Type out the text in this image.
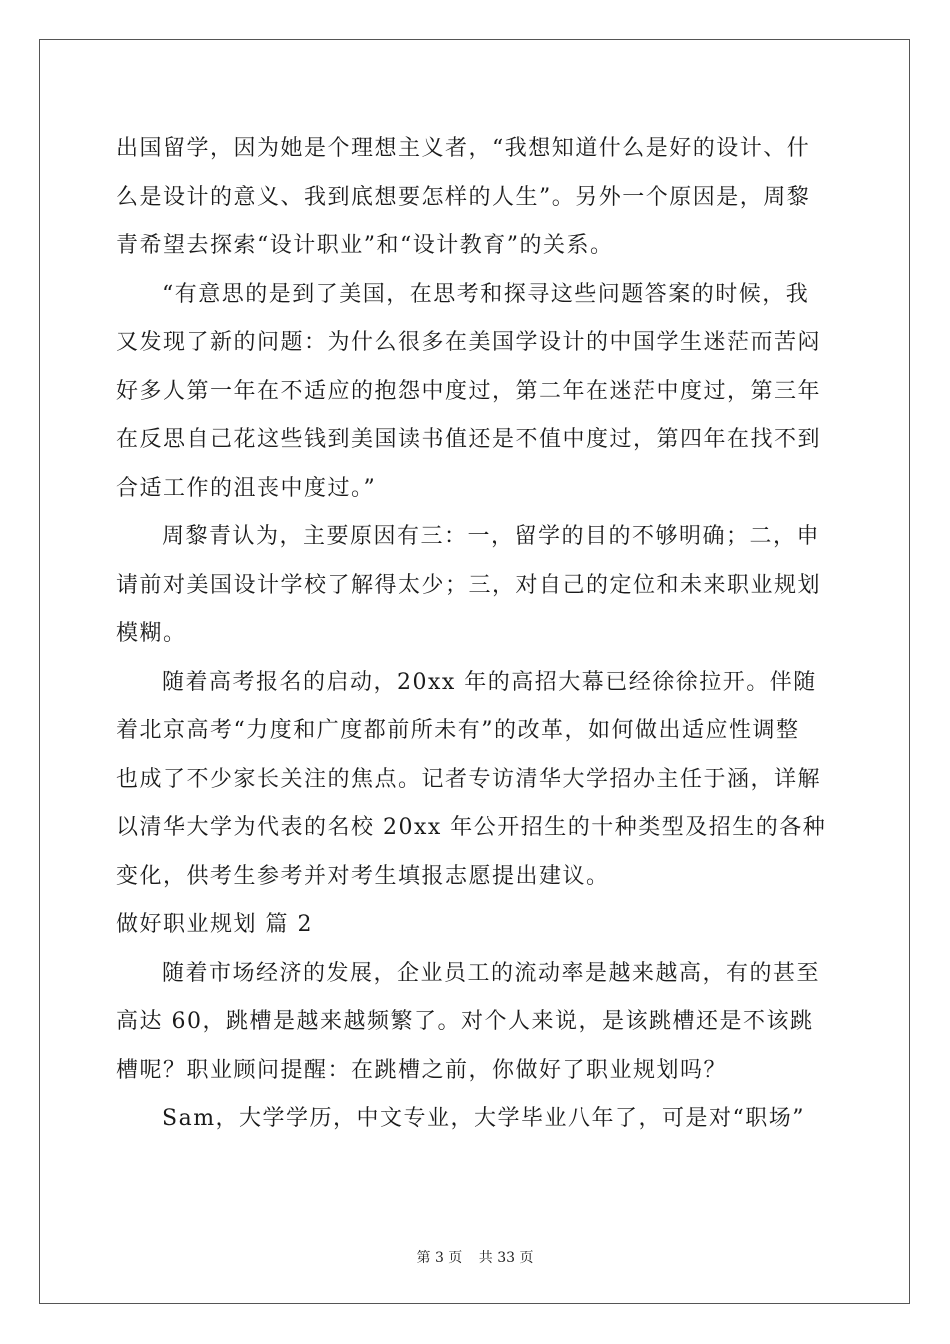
出国留学，因为她是个理想主义者，“我想知道什么是好的设计、什
么是设计的意义、我到底想要怎样的人生”。另外一个原因是，周黎
青希望去探索“设计职业”和“设计教育”的关系。
“有意思的是到了美国，在思考和探寻这些问题答案的时候，我
又发现了新的问题：为什么很多在美国学设计的中国学生迷茫而苦闷
好多人第一年在不适应的抱怨中度过，第二年在迷茫中度过，第三年
在反思自己花这些钱到美国读书值还是不值中度过，第四年在找不到
合适工作的沮丧中度过。”
周黎青认为，主要原因有三：一，留学的目的不够明确；二，申
请前对美国设计学校了解得太少；三，对自己的定位和未来职业规划
模糊。
随着高考报名的启动，20xx 年的高招大幕已经徐徐拉开。伴随
着北京高考“力度和广度都前所未有”的改革，如何做出适应性调整
也成了不少家长关注的焦点。记者专访清华大学招办主任于涵，详解
以清华大学为代表的名校 20xx 年公开招生的十种类型及招生的各种
变化，供考生参考并对考生填报志愿提出建议。
做好职业规划 篇 2
随着市场经济的发展，企业员工的流动率是越来越高，有的甚至
高达 60，跳槽是越来越频繁了。对个人来说，是该跳槽还是不该跳
槽呢？职业顾问提醒：在跳槽之前，你做好了职业规划吗？
Sam，大学学历，中文专业，大学毕业八年了，可是对“职场”
第 3 页 共 33 页
